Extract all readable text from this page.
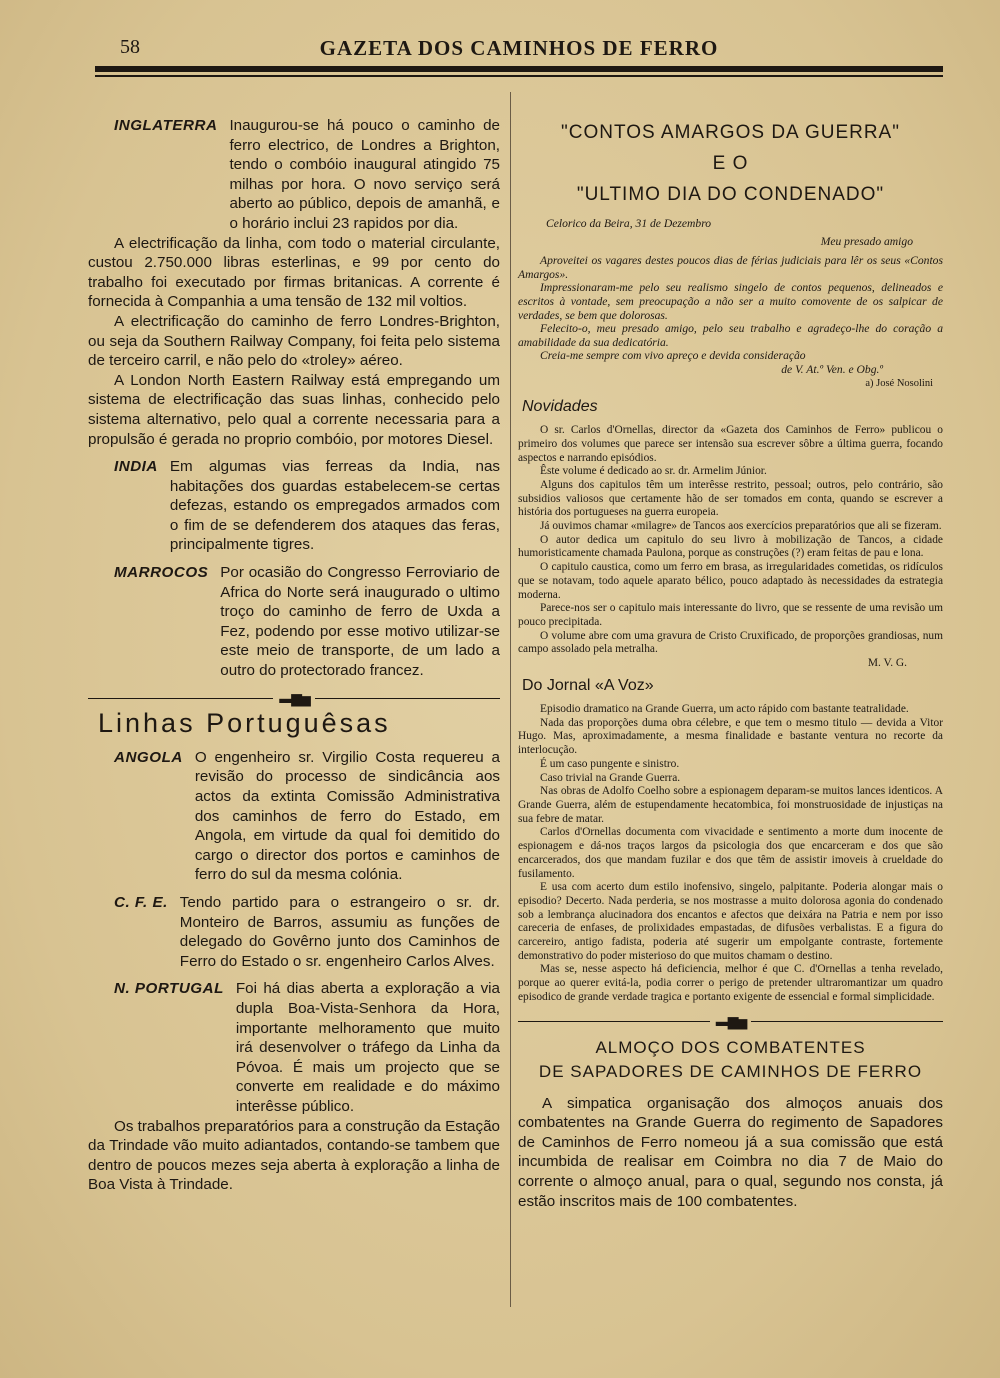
58	GAZETA DOS CAMINHOS DE FERRO
INGLATERRA Inaugurou-se há pouco o caminho de ferro electrico, de Londres a Brighton, tendo o combóio inaugural atingido 75 milhas por hora. O novo serviço será aberto ao público, depois de amanhã, e o horário inclui 23 rapidos por dia.

A electrificação da linha, com todo o material circulante, custou 2.750.000 libras esterlinas, e 99 por cento do trabalho foi executado por firmas britanicas. A corrente é fornecida à Companhia a uma tensão de 132 mil voltios.

A electrificação do caminho de ferro Londres-Brighton, ou seja da Southern Railway Company, foi feita pelo sistema de terceiro carril, e não pelo do «troley» aéreo.

A London North Eastern Railway está empregando um sistema de electrificação das suas linhas, conhecido pelo sistema alternativo, pelo qual a corrente necessaria para a propulsão é gerada no proprio combóio, por motores Diesel.

INDIA Em algumas vias ferreas da India, nas habitações dos guardas estabelecem-se certas defezas, estando os empregados armados com o fim de se defenderem dos ataques das feras, principalmente tigres.
MARROCOS Por ocasião do Congresso Ferroviario de Africa do Norte será inaugurado o ultimo troço do caminho de ferro de Uxda a Fez, podendo por esse motivo utilizar-se este meio de transporte, de um lado a outro do protectorado francez.
▬▆▅
Linhas Portuguêsas
ANGOLA O engenheiro sr. Virgilio Costa requereu a revisão do processo de sindicância aos actos da extinta Comissão Administrativa dos caminhos de ferro do Estado, em Angola, em virtude da qual foi demitido do cargo o director dos portos e caminhos de ferro do sul da mesma colónia.
C. F. E. Tendo partido para o estrangeiro o sr. dr. Monteiro de Barros, assumiu as funções de delegado do Govêrno junto dos Caminhos de Ferro do Estado o sr. engenheiro Carlos Alves.
N. PORTUGAL Foi há dias aberta a exploração a via dupla Boa-Vista-Senhora da Hora, importante melhoramento que muito irá desenvolver o tráfego da Linha da Póvoa. É mais um projecto que se converte em realidade e do máximo interêsse público.

Os trabalhos preparatórios para a construção da Estação da Trindade vão muito adiantados, contando-se tambem que dentro de poucos mezes seja aberta à exploração a linha de Boa Vista à Trindade.

"CONTOS AMARGOS DA GUERRA"
E O
"ULTIMO DIA DO CONDENADO"

Celorico da Beira, 31 de Dezembro

Meu presado amigo

Aproveitei os vagares destes poucos dias de férias judiciais para lêr os seus «Contos Amargos».

Impressionaram-me pelo seu realismo singelo de contos pequenos, delineados e escritos à vontade, sem preocupação a não ser a muito comovente de os salpicar de verdades, se bem que dolorosas.

Felecito-o, meu presado amigo, pelo seu trabalho e agradeço-lhe do coração a amabilidade da sua dedicatória.

Creia-me sempre com vivo apreço e devida consideração

de V. At.º Ven. e Obg.º

a) José Nosolini

Novidades

O sr. Carlos d'Ornellas, director da «Gazeta dos Caminhos de Ferro» publicou o primeiro dos volumes que parece ser intensão sua escrever sôbre a última guerra, focando aspectos e narrando episódios.

Êste volume é dedicado ao sr. dr. Armelim Júnior.

Alguns dos capitulos têm um interêsse restrito, pessoal; outros, pelo contrário, são subsidios valiosos que certamente hão de ser tomados em conta, quando se escrever a história dos portugueses na guerra europeia.

Já ouvimos chamar «milagre» de Tancos aos exercícios preparatórios que ali se fizeram.

O autor dedica um capitulo do seu livro à mobilização de Tancos, a cidade humoristicamente chamada Paulona, porque as construções (?) eram feitas de pau e lona.

O capitulo caustica, como um ferro em brasa, as irregularidades cometidas, os ridículos que se notavam, todo aquele aparato bélico, pouco adaptado às necessidades da estrategia moderna.

Parece-nos ser o capitulo mais interessante do livro, que se ressente de uma revisão um pouco precipitada.

O volume abre com uma gravura de Cristo Cruxificado, de proporções grandiosas, num campo assolado pela metralha.

M. V. G.
Do Jornal «A Voz»

Episodio dramatico na Grande Guerra, um acto rápido com bastante teatralidade.

Nada das proporções duma obra célebre, e que tem o mesmo titulo — devida a Vitor Hugo. Mas, aproximadamente, a mesma finalidade e bastante ventura no recorte da interlocução.

É um caso pungente e sinistro.

Caso trivial na Grande Guerra.

Nas obras de Adolfo Coelho sobre a espionagem deparam-se muitos lances identicos. A Grande Guerra, além de estupendamente hecatombica, foi monstruosidade de injustiças na sua febre de matar.

Carlos d'Ornellas documenta com vivacidade e sentimento a morte dum inocente de espionagem e dá-nos traços largos da psicologia dos que encarceram e dos que são encarcerados, dos que mandam fuzilar e dos que têm de assistir imoveis à crueldade do fusilamento.

E usa com acerto dum estilo inofensivo, singelo, palpitante. Poderia alongar mais o episodio? Decerto. Nada perderia, se nos mostrasse a muito dolorosa agonia do condenado sob a lembrança alucinadora dos encantos e afectos que deixára na Patria e nem por isso careceria de enfases, de prolixidades empastadas, de difusões verbalistas. E a figura do carcereiro, antigo fadista, poderia até sugerir um empolgante contraste, fortemente demonstrativo do poder misterioso do que muitos chamam o destino.

Mas se, nesse aspecto há deficiencia, melhor é que C. d'Ornellas a tenha revelado, porque ao querer evitá-la, podia correr o perigo de pretender ultraromantizar um quadro episodico de grande verdade tragica e portanto exigente de essencial e formal simplicidade.

▬▆▅
ALMOÇO DOS COMBATENTES
DE SAPADORES DE CAMINHOS DE FERRO

A simpatica organisação dos almoços anuais dos combatentes na Grande Guerra do regimento de Sapadores de Caminhos de Ferro nomeou já a sua comissão que está incumbida de realisar em Coimbra no dia 7 de Maio do corrente o almoço anual, para o qual, segundo nos consta, já estão inscritos mais de 100 combatentes.
